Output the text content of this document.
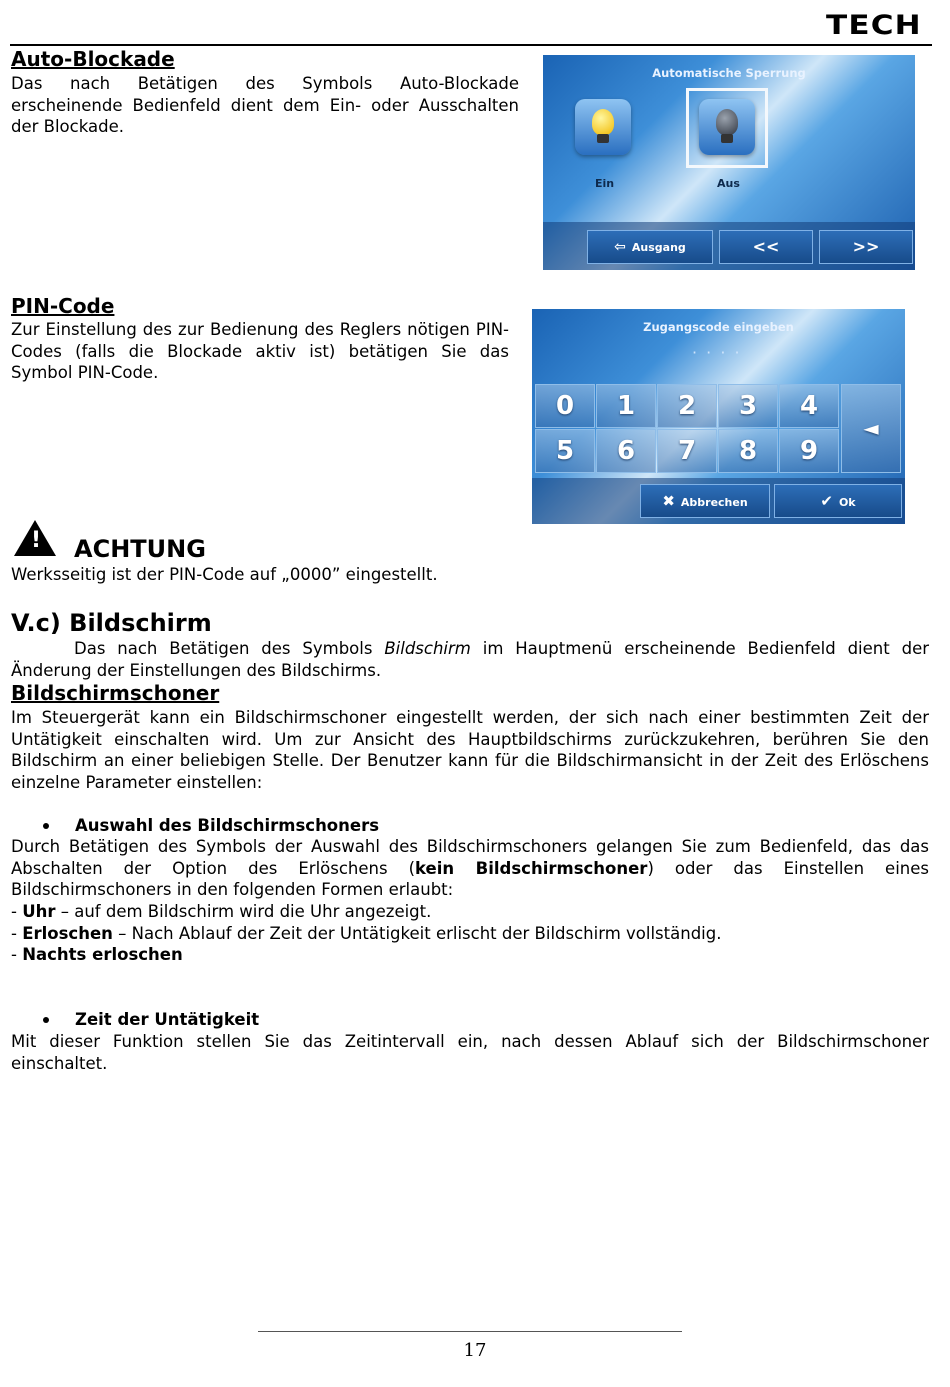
TECH
Auto-Blockade
Das nach Betätigen des Symbols Auto-Blockade erscheinende Bedienfeld dient dem Ein- oder Ausschalten der Blockade.
Automatische Sperrung
Ein	Aus
⇦ Ausgang	<<	>>
PIN-Code
Zur Einstellung des zur Bedienung des Reglers nötigen PIN-Codes (falls die Blockade aktiv ist) betätigen Sie das Symbol PIN-Code.
Zugangscode eingeben
· · · ·
0	1	2	3	4
5	6	7	8	9
◄
✖ Abbrechen	✔ Ok
! ACHTUNG
Werksseitig ist der PIN-Code auf „0000” eingestellt.
V.c) Bildschirm
Das nach Betätigen des Symbols Bildschirm im Hauptmenü erscheinende Bedienfeld dient der Änderung der Einstellungen des Bildschirms.
Bildschirmschoner
Im Steuergerät kann ein Bildschirmschoner eingestellt werden, der sich nach einer bestimmten Zeit der Untätigkeit einschalten wird. Um zur Ansicht des Hauptbildschirms zurückzukehren, berühren Sie den Bildschirm an einer beliebigen Stelle. Der Benutzer kann für die Bildschirmansicht in der Zeit des Erlöschens einzelne Parameter einstellen:
Auswahl des Bildschirmschoners
Durch Betätigen des Symbols der Auswahl des Bildschirmschoners gelangen Sie zum Bedienfeld, das das Abschalten der Option des Erlöschens (kein Bildschirmschoner) oder das Einstellen eines Bildschirmschoners in den folgenden Formen erlaubt:
- Uhr – auf dem Bildschirm wird die Uhr angezeigt.
- Erloschen – Nach Ablauf der Zeit der Untätigkeit erlischt der Bildschirm vollständig.
- Nachts erloschen
Zeit der Untätigkeit
Mit dieser Funktion stellen Sie das Zeitintervall ein, nach dessen Ablauf sich der Bildschirmschoner einschaltet.
17
